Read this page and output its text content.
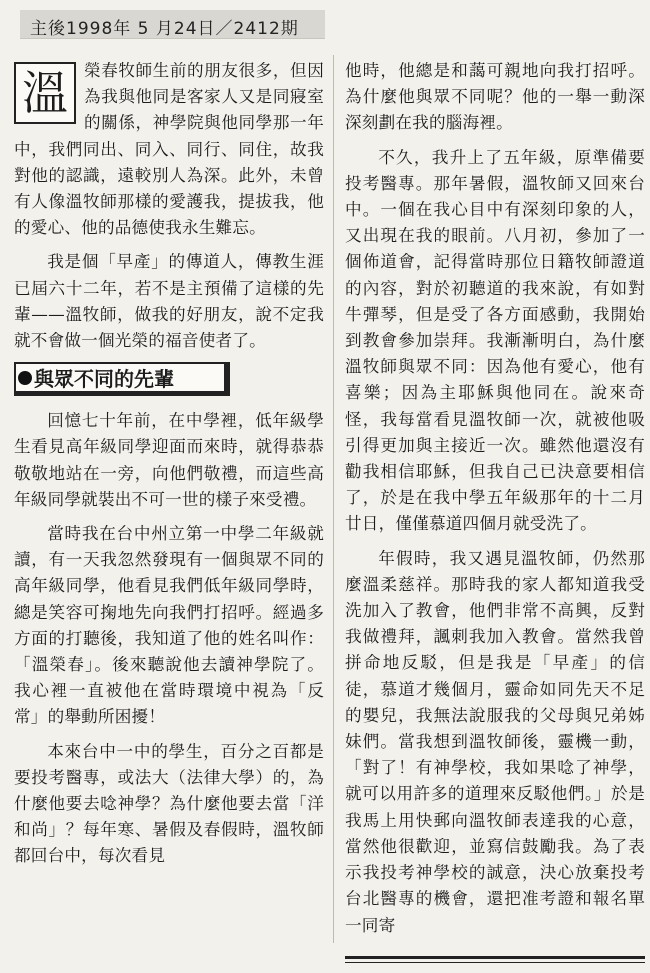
主後1998年 5 月24日／2412期
溫 榮春牧師生前的朋友很多，但因為我與他同是客家人又是同寢室的關係，神學院與他同學那一年中，我們同出、同入、同行、同住，故我對他的認識，遠較別人為深。此外，未曾有人像溫牧師那樣的愛護我，提拔我，他的愛心、他的品德使我永生難忘。

我是個「早產」的傳道人，傳教生涯已屆六十二年，若不是主預備了這樣的先輩——溫牧師，做我的好朋友，說不定我就不會做一個光榮的福音使者了。

與眾不同的先輩

回憶七十年前，在中學裡，低年級學生看見高年級同學迎面而來時，就得恭恭敬敬地站在一旁，向他們敬禮，而這些高年級同學就裝出不可一世的樣子來受禮。

當時我在台中州立第一中學二年級就讀，有一天我忽然發現有一個與眾不同的高年級同學，他看見我們低年級同學時，總是笑容可掬地先向我們打招呼。經過多方面的打聽後，我知道了他的姓名叫作：「溫榮春」。後來聽說他去讀神學院了。我心裡一直被他在當時環境中視為「反常」的舉動所困擾！

本來台中一中的學生，百分之百都是要投考醫專，或法大（法律大學）的，為什麼他要去唸神學？為什麼他要去當「洋和尚」？每年寒、暑假及春假時，溫牧師都回台中，每次看見

他時，他總是和藹可親地向我打招呼。為什麼他與眾不同呢？他的一舉一動深深刻劃在我的腦海裡。

不久，我升上了五年級，原準備要投考醫專。那年暑假，溫牧師又回來台中。一個在我心目中有深刻印象的人，又出現在我的眼前。八月初，參加了一個佈道會，記得當時那位日籍牧師證道的內容，對於初聽道的我來說，有如對牛彈琴，但是受了各方面感動，我開始到教會參加崇拜。我漸漸明白，為什麼溫牧師與眾不同：因為他有愛心，他有喜樂；因為主耶穌與他同在。說來奇怪，我每當看見溫牧師一次，就被他吸引得更加與主接近一次。雖然他還沒有勸我相信耶穌，但我自己已決意要相信了，於是在我中學五年級那年的十二月廿日，僅僅慕道四個月就受洗了。

年假時，我又遇見溫牧師，仍然那麼溫柔慈祥。那時我的家人都知道我受洗加入了教會，他們非常不高興，反對我做禮拜，諷刺我加入教會。當然我曾拼命地反駁，但是我是「早產」的信徒，慕道才幾個月，靈命如同先天不足的嬰兒，我無法說服我的父母與兄弟姊妹們。當我想到溫牧師後，靈機一動，「對了！有神學校，我如果唸了神學，就可以用許多的道理來反駁他們。」於是我馬上用快郵向溫牧師表達我的心意，當然他很歡迎，並寫信鼓勵我。為了表示我投考神學校的誠意，決心放棄投考台北醫專的機會，還把准考證和報名單一同寄
